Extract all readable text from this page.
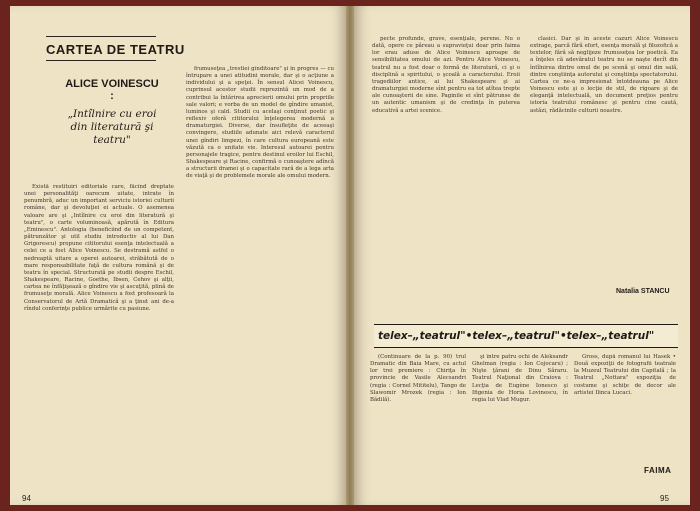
CARTEA DE TEATRU
ALICE VOINESCU :
„Intîlnire cu eroi din literatură şi teatru"

Există restituiri editoriale care, făcînd dreptate unei personalităţi oarecum uitate, intrate în penumbră, aduc un important serviciu istoriei culturii române, dar şi devoluţiei ei actuale. O asemenea valoare are şi „Intîlnire cu eroi din literatură şi teatru", o carte voluminoasă, apărută în Editura „Eminescu". Antologia (beneficiind de un competent, pătrunzător şi util studiu introductiv al lui Dan Grigorescu) propune cititorului esenţa intelectuală a celei ce a fost Alice Voinescu. Se destramă astfel o nedreaptă uitare a operei autoarei, străbătută de o mare responsabilitate faţă de cultura română şi de teatru în special. Structurată pe studii despre Eschil, Shakespeare, Racine, Goethe, Ibsen, Cehov şi alţii, cartea ne înfăţişează o gîndire vie şi ascuţită, plină de frumuseţe morală. Alice Voinescu a fost profesoară la Conservatorul de Artă Dramatică şi a ţinut ani de-a rîndul conferinţe publice urmărite cu pasiune.

frumuseţea „trestiei gînditoare" şi în progres — cu întrupare a unei atitudini morale, dar şi o acţiune a individului şi a speţei. În sensul Alicei Voinescu, cuprinsul acestor studii reprezintă un mod de a contribui la întărirea aprecierii omului prin propriile sale valori; e vorba de un model de gîndire umanist, luminos şi cald. Studii cu acelaşi conţinut poetic şi reflexiv oferă cititorului înţelegerea modernă a dramaturgiei. Diverse, dar însufleţite de aceeaşi convingere, studiile adunate aici relevă caracterul unei gîndiri limpezi, în care cultura europeană este văzută ca o unitate vie. Interesul autoarei pentru personajele tragice, pentru destinul eroilor lui Eschil, Shakespeare şi Racine, confirmă o cunoaştere adîncă a structurii dramei şi o capacitate rară de a lega arta de viaţă şi de problemele morale ale omului modern.

94

pecte profunde, grave, esenţiale, perene. Nu o dată, opere ce păreau a supravieţui doar prin faima lor erau aduse de Alice Voinescu aproape de sensibilitatea omului de azi. Pentru Alice Voinescu, teatrul nu a fost doar o formă de literatură, ci şi o disciplină a spiritului, o şcoală a caracterului. Eroii tragediilor antice, ai lui Shakespeare şi ai dramaturgiei moderne sînt pentru ea tot atîtea trepte ale cunoaşterii de sine. Paginile ei sînt pătrunse de un autentic umanism şi de credinţa în puterea educativă a artei scenice.

clasici. Dar şi în aceste cazuri Alice Voinescu extrage, parcă fără efort, esenţa morală şi filozofică a textelor, fără să neglijeze frumuseţea lor poetică. Ea a înţeles că adevăratul teatru nu se naşte decît din întîlnirea dintre omul de pe scenă şi omul din sală, dintre conştiinţa autorului şi conştiinţa spectatorului. Cartea ce ne-a impresionat întotdeauna pe Alice Voinescu este şi o lecţie de stil, de rigoare şi de eleganţă intelectuală, un document preţios pentru istoria teatrului românesc şi pentru cine caută, astăzi, rădăcinile culturii noastre.

Natalia STANCU
telex–„teatrul"•telex–„teatrul"•telex–„teatrul"

(Continuare de la p. 90) trul Dramatic din Baia Mare, cu actul lor trei premiere : Chiriţa în provincie de Vasile Alecsandri (regia : Cornel Mititelu), Tango de Slawomir Mrozek (regia : Ion Bădilă).

şi între patru ochi de Aleksandr Ghelman (regia : Ion Cojocaru) ; Nişte ţărani de Dinu Săraru. Teatrul Naţional din Craiova : Lecţia de Eugène Ionesco şi Ifigenia de Horia Lovinescu, în regia lui Vlad Mugur.

Gross, după romanul lui Hasek • Două expoziţii de fotografii teatrale la Muzeul Teatrului din Capitală ; la Teatrul „Nottara" expoziţia de costume şi schiţe de decor ale artistei Ilinca Lucaci.

FAIMA
95
